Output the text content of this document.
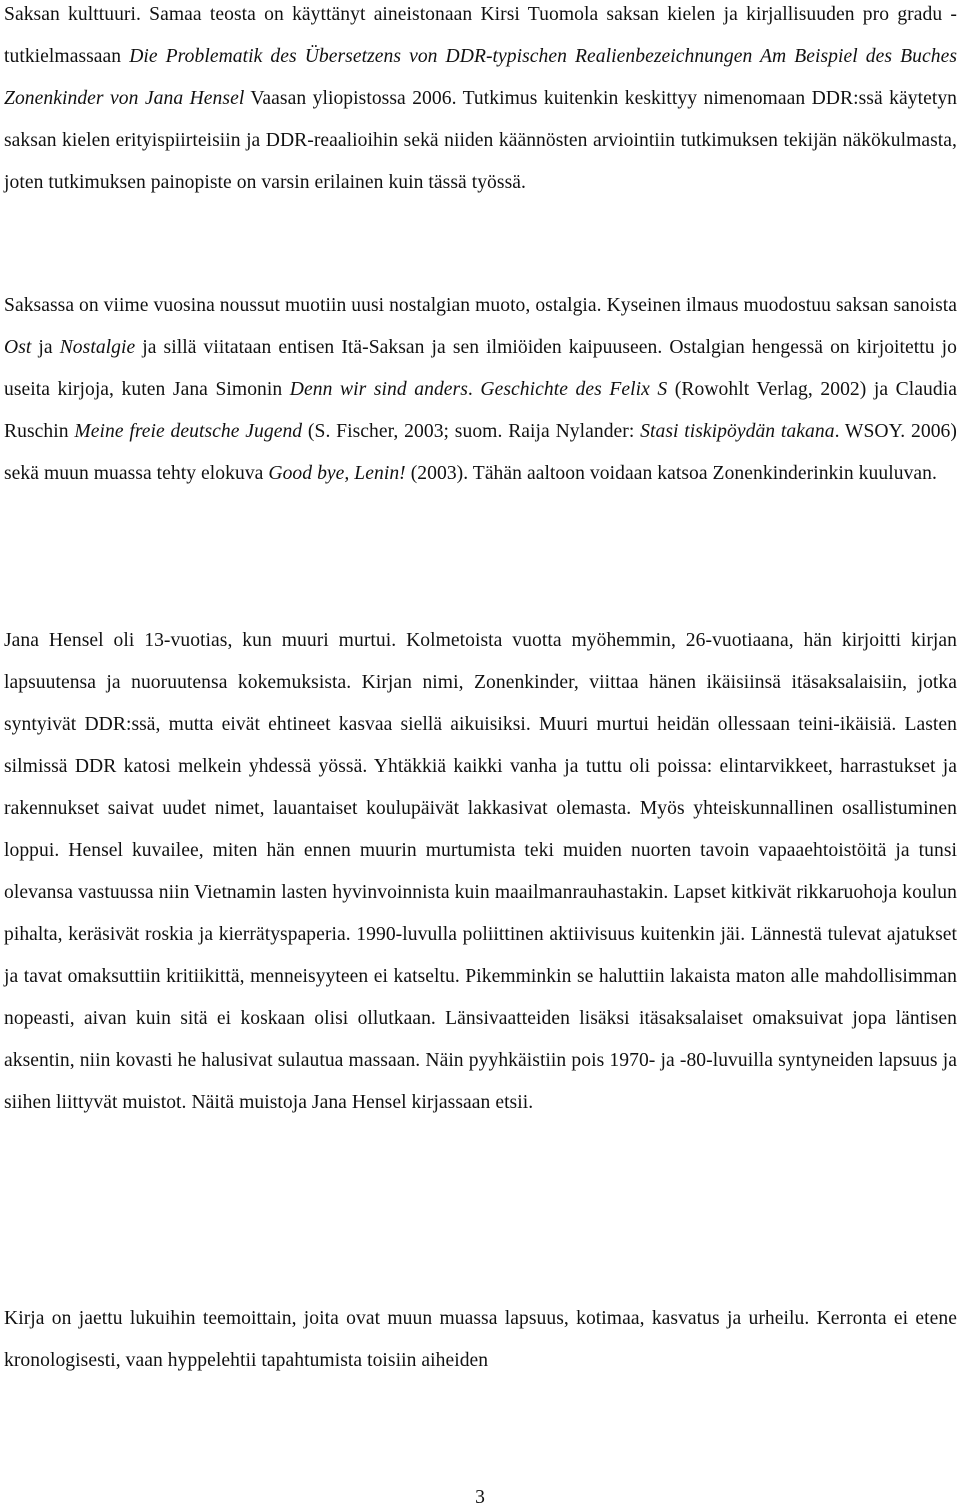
Saksan kulttuuri. Samaa teosta on käyttänyt aineistonaan Kirsi Tuomola saksan kielen ja kirjallisuuden pro gradu -tutkielmassaan Die Problematik des Übersetzens von DDR-typischen Realienbezeichnungen Am Beispiel des Buches Zonenkinder von Jana Hensel Vaasan yliopistossa 2006. Tutkimus kuitenkin keskittyy nimenomaan DDR:ssä käytetyn saksan kielen erityispiirteisiin ja DDR-reaalioihin sekä niiden käännösten arviointiin tutkimuksen tekijän näkökulmasta, joten tutkimuksen painopiste on varsin erilainen kuin tässä työssä.

Saksassa on viime vuosina noussut muotiin uusi nostalgian muoto, ostalgia. Kyseinen ilmaus muodostuu saksan sanoista Ost ja Nostalgie ja sillä viitataan entisen Itä-Saksan ja sen ilmiöiden kaipuuseen. Ostalgian hengessä on kirjoitettu jo useita kirjoja, kuten Jana Simonin Denn wir sind anders. Geschichte des Felix S (Rowohlt Verlag, 2002) ja Claudia Ruschin Meine freie deutsche Jugend (S. Fischer, 2003; suom. Raija Nylander: Stasi tiskipöydän takana. WSOY. 2006) sekä muun muassa tehty elokuva Good bye, Lenin! (2003). Tähän aaltoon voidaan katsoa Zonenkinderinkin kuuluvan.

Jana Hensel oli 13-vuotias, kun muuri murtui. Kolmetoista vuotta myöhemmin, 26-vuotiaana, hän kirjoitti kirjan lapsuutensa ja nuoruutensa kokemuksista. Kirjan nimi, Zonenkinder, viittaa hänen ikäisiinsä itäsaksalaisiin, jotka syntyivät DDR:ssä, mutta eivät ehtineet kasvaa siellä aikuisiksi. Muuri murtui heidän ollessaan teini-ikäisiä. Lasten silmissä DDR katosi melkein yhdessä yössä. Yhtäkkiä kaikki vanha ja tuttu oli poissa: elintarvikkeet, harrastukset ja rakennukset saivat uudet nimet, lauantaiset koulupäivät lakkasivat olemasta. Myös yhteiskunnallinen osallistuminen loppui. Hensel kuvailee, miten hän ennen muurin murtumista teki muiden nuorten tavoin vapaaehtoistöitä ja tunsi olevansa vastuussa niin Vietnamin lasten hyvinvoinnista kuin maailmanrauhastakin. Lapset kitkivät rikkaruohoja koulun pihalta, keräsivät roskia ja kierrätyspaperia. 1990-luvulla poliittinen aktiivisuus kuitenkin jäi. Lännestä tulevat ajatukset ja tavat omaksuttiin kritiikittä, menneisyyteen ei katseltu. Pikemminkin se haluttiin lakaista maton alle mahdollisimman nopeasti, aivan kuin sitä ei koskaan olisi ollutkaan. Länsivaatteiden lisäksi itäsaksalaiset omaksuivat jopa läntisen aksentin, niin kovasti he halusivat sulautua massaan. Näin pyyhkäistiin pois 1970- ja -80-luvuilla syntyneiden lapsuus ja siihen liittyvät muistot. Näitä muistoja Jana Hensel kirjassaan etsii.

Kirja on jaettu lukuihin teemoittain, joita ovat muun muassa lapsuus, kotimaa, kasvatus ja urheilu. Kerronta ei etene kronologisesti, vaan hyppelehtii tapahtumista toisiin aiheiden

3
